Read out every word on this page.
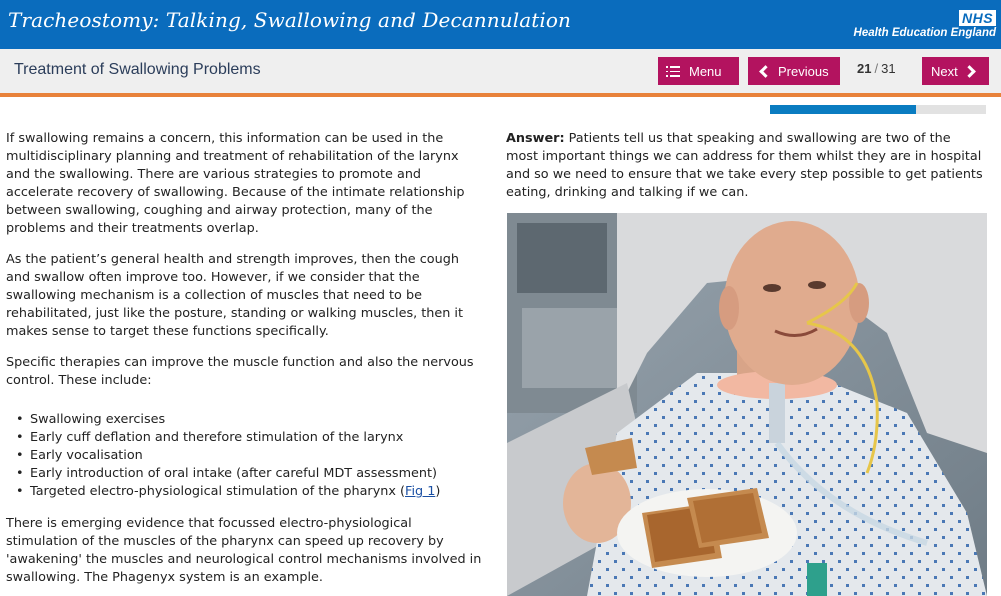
Tracheostomy: Talking, Swallowing and Decannulation	NHS
Health Education England
Treatment of Swallowing Problems	Menu	Previous 21 / 31	Next

If swallowing remains a concern, this information can be used in the multidisciplinary planning and treatment of rehabilitation of the larynx and the swallowing. There are various strategies to promote and accelerate recovery of swallowing. Because of the intimate relationship between swallowing, coughing and airway protection, many of the problems and their treatments overlap.

As the patient’s general health and strength improves, then the cough and swallow often improve too. However, if we consider that the swallowing mechanism is a collection of muscles that need to be rehabilitated, just like the posture, standing or walking muscles, then it makes sense to target these functions specifically.

Specific therapies can improve the muscle function and also the nervous control. These include:

• Swallowing exercises
• Early cuff deflation and therefore stimulation of the larynx
• Early vocalisation
• Early introduction of oral intake (after careful MDT assessment)
• Targeted electro-physiological stimulation of the pharynx (Fig 1)

There is emerging evidence that focussed electro-physiological stimulation of the muscles of the pharynx can speed up recovery by 'awakening' the muscles and neurological control mechanisms involved in swallowing. The Phagenyx system is an example.

Answer: Patients tell us that speaking and swallowing are two of the most important things we can address for them whilst they are in hospital and so we need to ensure that we take every step possible to get patients eating, drinking and talking if we can.
